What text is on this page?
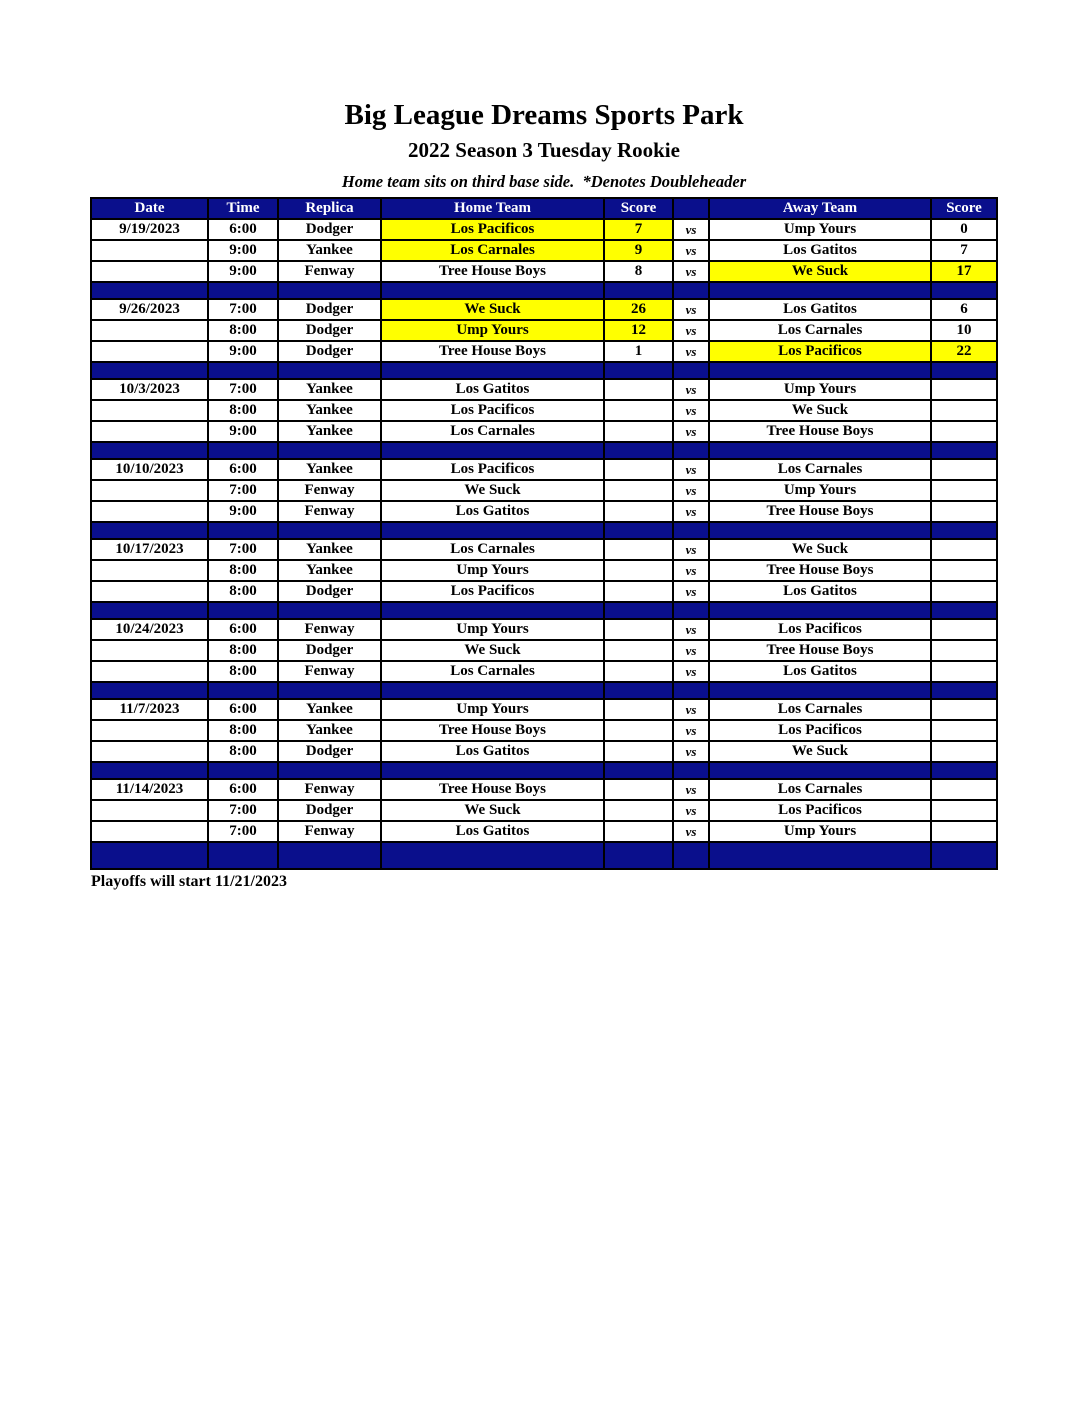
Big League Dreams Sports Park
2022 Season 3 Tuesday Rookie
Home team sits on third base side.  *Denotes Doubleheader
Date	Time	Replica	Home Team	Score		Away Team	Score
9/19/2023	6:00	Dodger	Los Pacificos	7	vs	Ump Yours	0
	9:00	Yankee	Los Carnales	9	vs	Los Gatitos	7
	9:00	Fenway	Tree House Boys	8	vs	We Suck	17

9/26/2023	7:00	Dodger	We Suck	26	vs	Los Gatitos	6
	8:00	Dodger	Ump Yours	12	vs	Los Carnales	10
	9:00	Dodger	Tree House Boys	1	vs	Los Pacificos	22

10/3/2023	7:00	Yankee	Los Gatitos		vs	Ump Yours	
	8:00	Yankee	Los Pacificos		vs	We Suck	
	9:00	Yankee	Los Carnales		vs	Tree House Boys	

10/10/2023	6:00	Yankee	Los Pacificos		vs	Los Carnales	
	7:00	Fenway	We Suck		vs	Ump Yours	
	9:00	Fenway	Los Gatitos		vs	Tree House Boys	

10/17/2023	7:00	Yankee	Los Carnales		vs	We Suck	
	8:00	Yankee	Ump Yours		vs	Tree House Boys	
	8:00	Dodger	Los Pacificos		vs	Los Gatitos	

10/24/2023	6:00	Fenway	Ump Yours		vs	Los Pacificos	
	8:00	Dodger	We Suck		vs	Tree House Boys	
	8:00	Fenway	Los Carnales		vs	Los Gatitos	

11/7/2023	6:00	Yankee	Ump Yours		vs	Los Carnales	
	8:00	Yankee	Tree House Boys		vs	Los Pacificos	
	8:00	Dodger	Los Gatitos		vs	We Suck	

11/14/2023	6:00	Fenway	Tree House Boys		vs	Los Carnales	
	7:00	Dodger	We Suck		vs	Los Pacificos	
	7:00	Fenway	Los Gatitos		vs	Ump Yours	

Playoffs will start 11/21/2023
